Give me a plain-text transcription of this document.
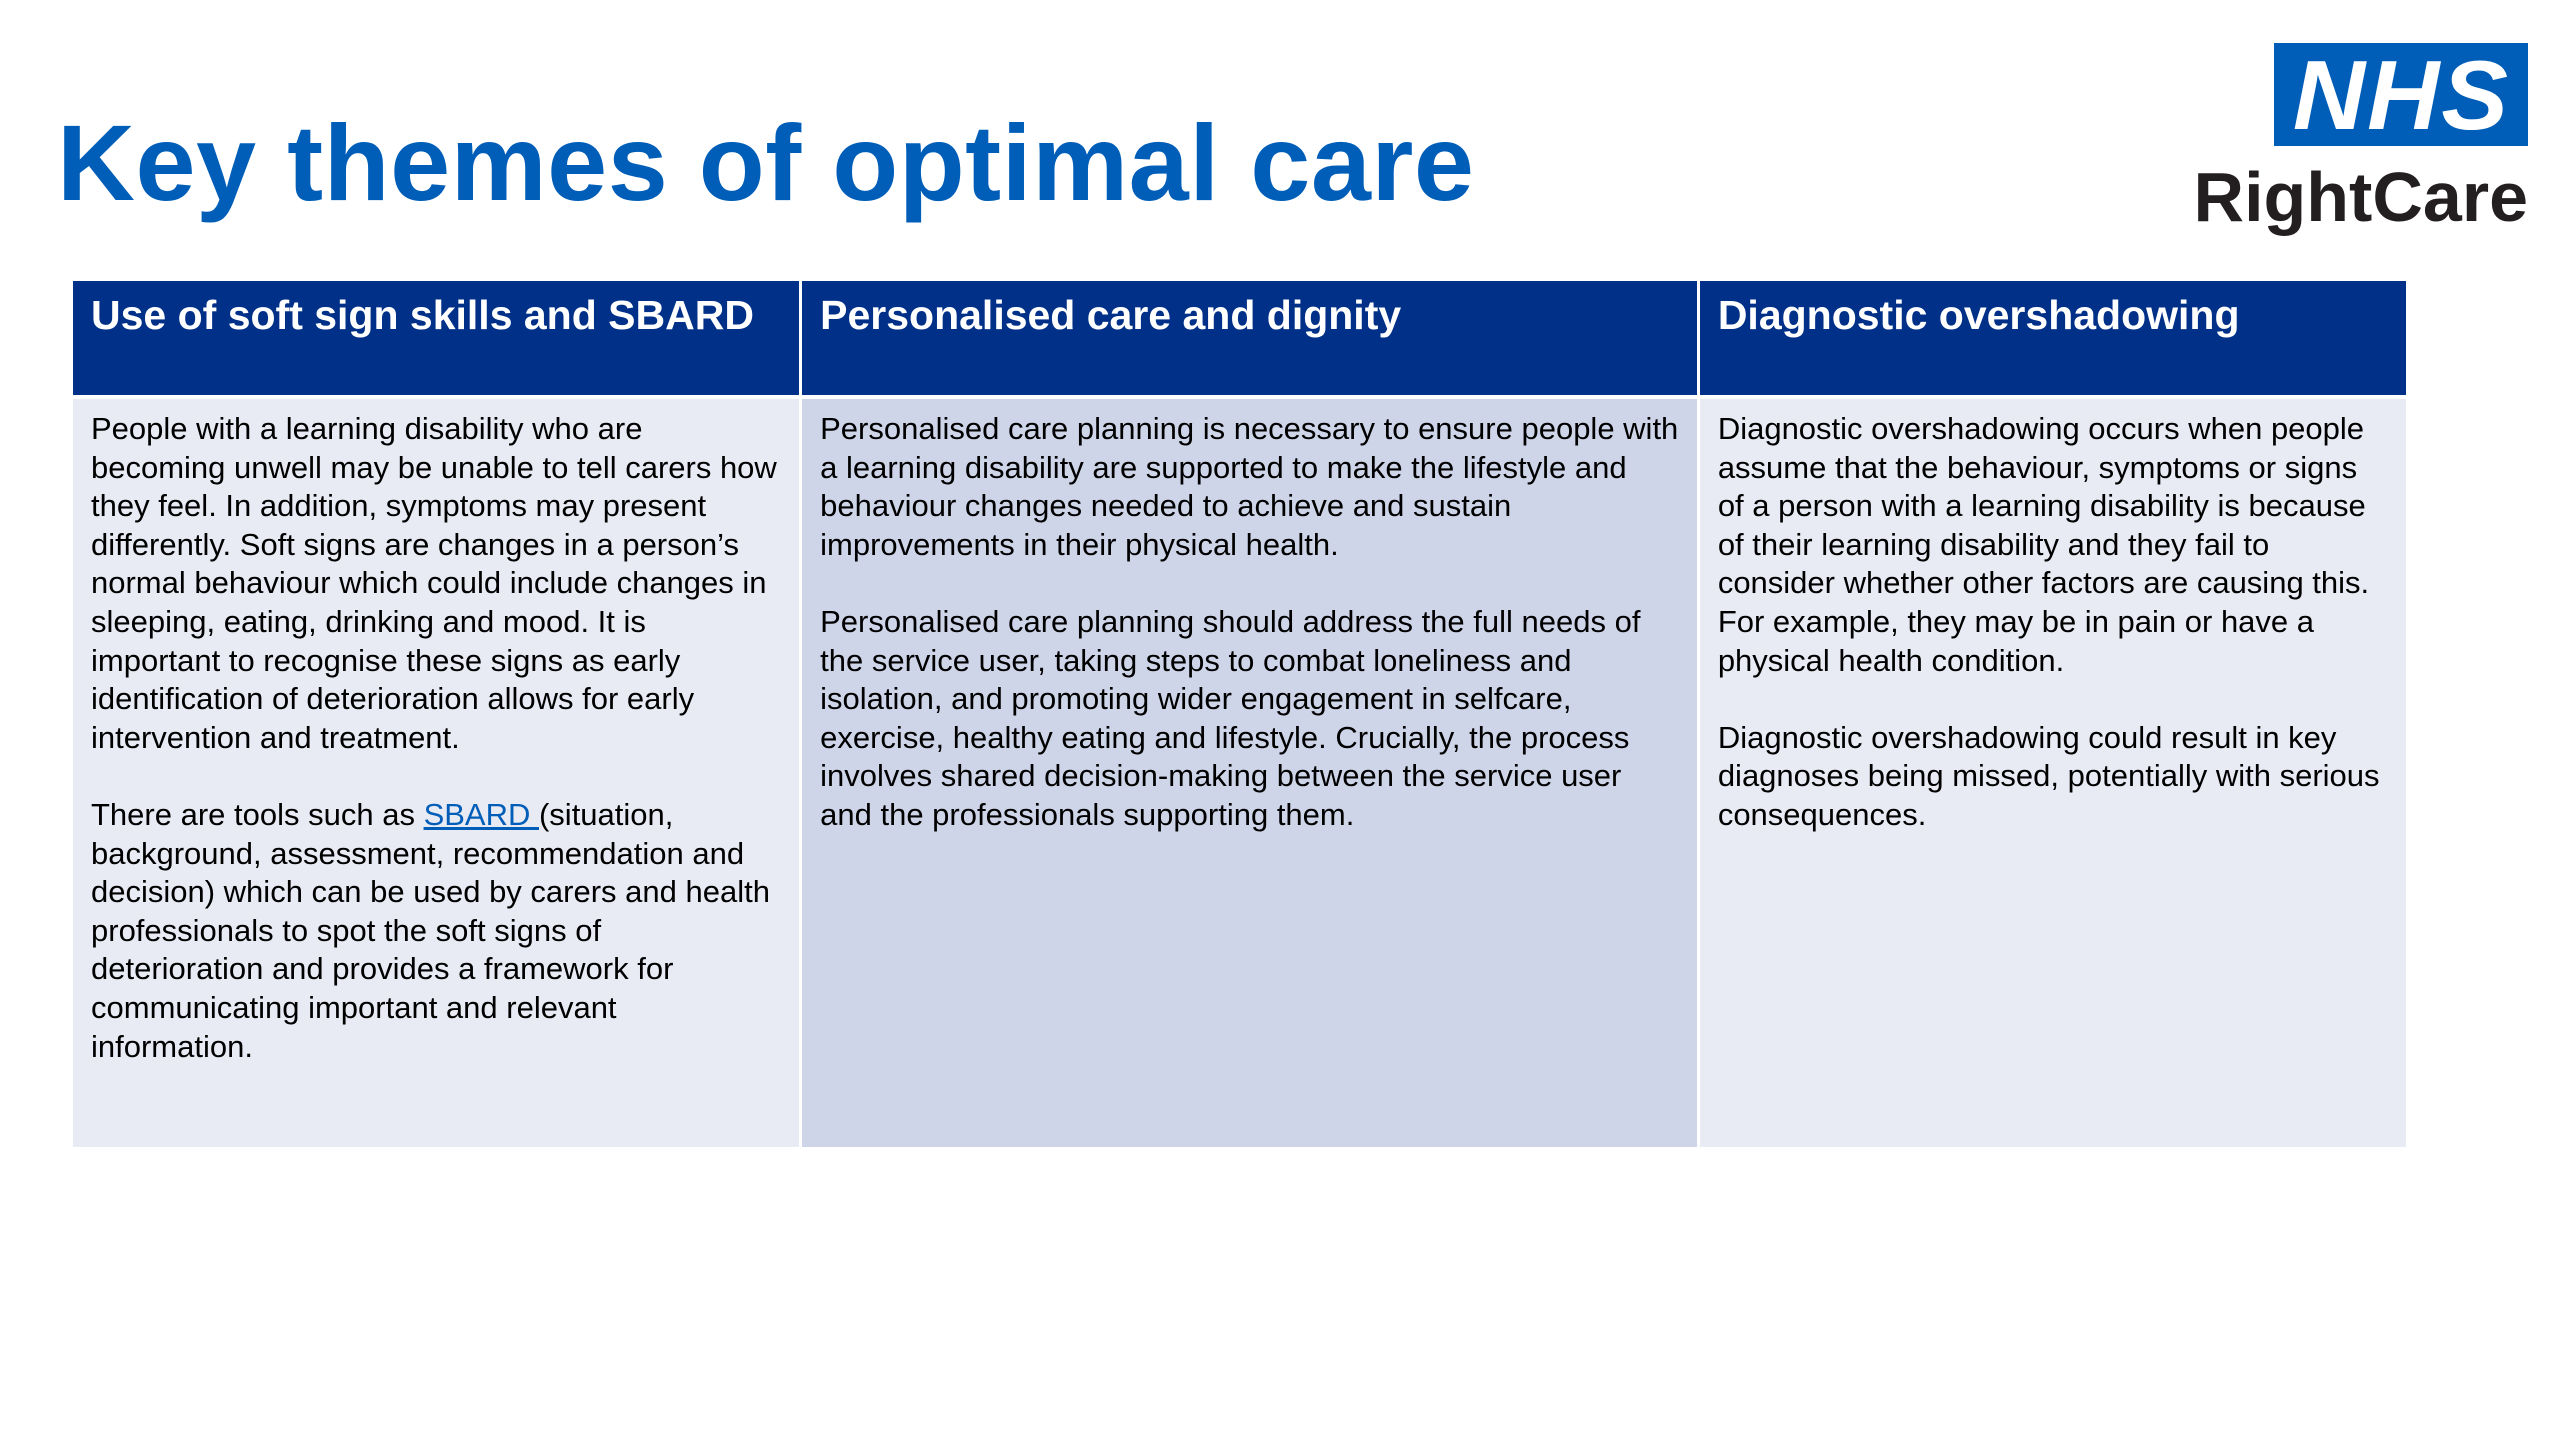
Key themes of optimal care
NHS
RightCare
Use of soft sign skills and SBARD

People with a learning disability who are becoming unwell may be unable to tell carers how they feel. In addition, symptoms may present differently. Soft signs are changes in a person’s normal behaviour which could include changes in sleeping, eating, drinking and mood. It is important to recognise these signs as early identification of deterioration allows for early intervention and treatment.

There are tools such as SBARD (situation, background, assessment, recommendation and decision) which can be used by carers and health professionals to spot the soft signs of deterioration and provides a framework for communicating important and relevant information.

Personalised care and dignity

Personalised care planning is necessary to ensure people with a learning disability are supported to make the lifestyle and behaviour changes needed to achieve and sustain improvements in their physical health.

Personalised care planning should address the full needs of the service user, taking steps to combat loneliness and isolation, and promoting wider engagement in selfcare, exercise, healthy eating and lifestyle. Crucially, the process involves shared decision-making between the service user and the professionals supporting them.

Diagnostic overshadowing

Diagnostic overshadowing occurs when people assume that the behaviour, symptoms or signs of a person with a learning disability is because of their learning disability and they fail to consider whether other factors are causing this. For example, they may be in pain or have a physical health condition.

Diagnostic overshadowing could result in key diagnoses being missed, potentially with serious consequences.
